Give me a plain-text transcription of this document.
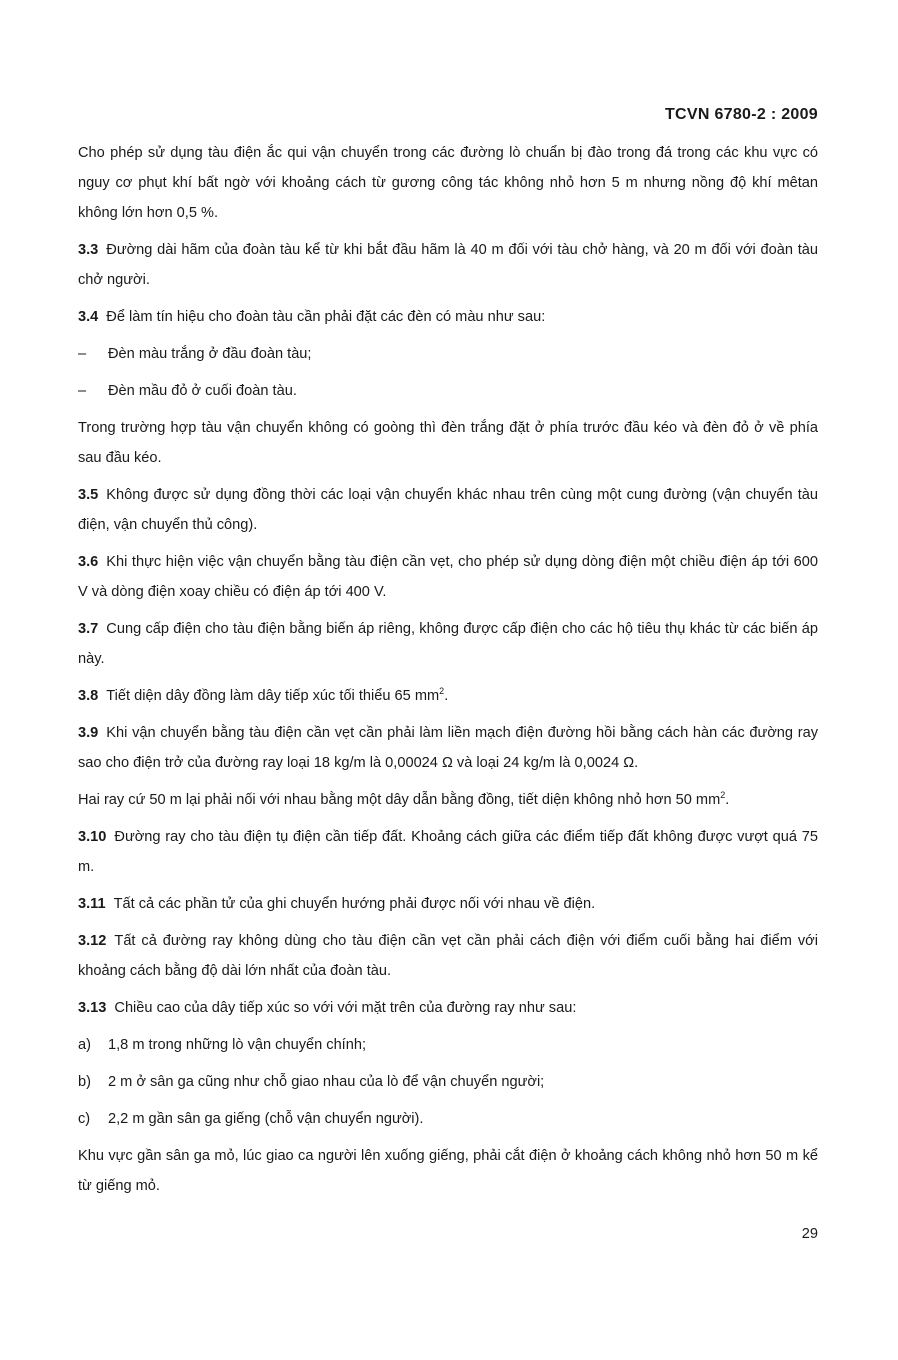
TCVN 6780-2 : 2009

Cho phép sử dụng tàu điện ắc qui vận chuyển trong các đường lò chuẩn bị đào trong đá trong các khu vực có nguy cơ phụt khí bất ngờ với khoảng cách từ gương công tác không nhỏ hơn 5 m nhưng nồng độ khí mêtan không lớn hơn 0,5 %.

3.3 Đường dài hãm của đoàn tàu kể từ khi bắt đầu hãm là 40 m đối với tàu chở hàng, và 20 m đối với đoàn tàu chở người.

3.4 Để làm tín hiệu cho đoàn tàu cần phải đặt các đèn có màu như sau:

–	Đèn màu trắng ở đầu đoàn tàu;
–	Đèn mầu đỏ ở cuối đoàn tàu.

Trong trường hợp tàu vận chuyển không có goòng thì đèn trắng đặt ở phía trước đầu kéo và đèn đỏ ở về phía sau đầu kéo.

3.5 Không được sử dụng đồng thời các loại vận chuyển khác nhau trên cùng một cung đường (vận chuyển tàu điện, vận chuyển thủ công).

3.6 Khi thực hiện việc vận chuyển bằng tàu điện cần vẹt, cho phép sử dụng dòng điện một chiều điện áp tới 600 V và dòng điện xoay chiều có điện áp tới 400 V.

3.7 Cung cấp điện cho tàu điện bằng biến áp riêng, không được cấp điện cho các hộ tiêu thụ khác từ các biến áp này.

3.8 Tiết diện dây đồng làm dây tiếp xúc tối thiểu 65 $mm^2$.

3.9 Khi vận chuyển bằng tàu điện cần vẹt cần phải làm liền mạch điện đường hồi bằng cách hàn các đường ray sao cho điện trở của đường ray loại 18 kg/m là 0,00024 Ω và loại 24 kg/m là 0,0024 Ω.

Hai ray cứ 50 m lại phải nối với nhau bằng một dây dẫn bằng đồng, tiết diện không nhỏ hơn 50 $mm^2$.

3.10 Đường ray cho tàu điện tụ điện cần tiếp đất. Khoảng cách giữa các điểm tiếp đất không được vượt quá 75 m.

3.11 Tất cả các phần tử của ghi chuyển hướng phải được nối với nhau về điện.

3.12 Tất cả đường ray không dùng cho tàu điện cần vẹt cần phải cách điện với điểm cuối bằng hai điểm với khoảng cách bằng độ dài lớn nhất của đoàn tàu.

3.13 Chiều cao của dây tiếp xúc so với với mặt trên của đường ray như sau:

a)	1,8 m trong những lò vận chuyển chính;
b)	2 m ở sân ga cũng như chỗ giao nhau của lò để vận chuyển người;
c)	2,2 m gần sân ga giếng (chỗ vận chuyển người).

Khu vực gần sân ga mỏ, lúc giao ca người lên xuống giếng, phải cắt điện ở khoảng cách không nhỏ hơn 50 m kể từ giếng mỏ.

29
